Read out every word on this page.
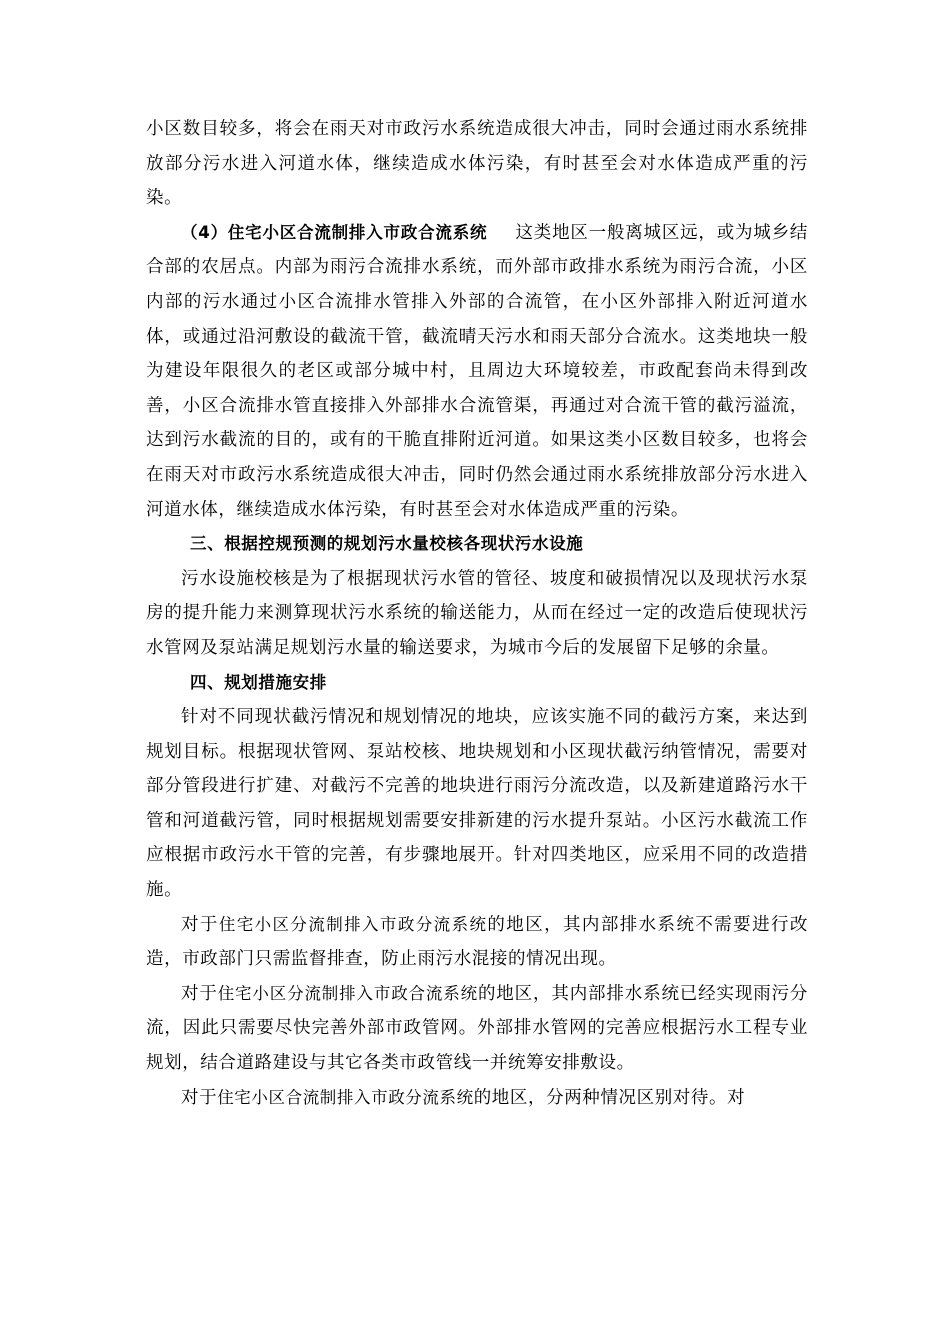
小区数目较多，将会在雨天对市政污水系统造成很大冲击，同时会通过雨水系统排放部分污水进入河道水体，继续造成水体污染，有时甚至会对水体造成严重的污染。

（4）住宅小区合流制排入市政合流系统 这类地区一般离城区远，或为城乡结合部的农居点。内部为雨污合流排水系统，而外部市政排水系统为雨污合流，小区内部的污水通过小区合流排水管排入外部的合流管，在小区外部排入附近河道水体，或通过沿河敷设的截流干管，截流晴天污水和雨天部分合流水。这类地块一般为建设年限很久的老区或部分城中村，且周边大环境较差，市政配套尚未得到改善，小区合流排水管直接排入外部排水合流管渠，再通过对合流干管的截污溢流，达到污水截流的目的，或有的干脆直排附近河道。如果这类小区数目较多，也将会在雨天对市政污水系统造成很大冲击，同时仍然会通过雨水系统排放部分污水进入河道水体，继续造成水体污染，有时甚至会对水体造成严重的污染。

三、根据控规预测的规划污水量校核各现状污水设施

污水设施校核是为了根据现状污水管的管径、坡度和破损情况以及现状污水泵房的提升能力来测算现状污水系统的输送能力，从而在经过一定的改造后使现状污水管网及泵站满足规划污水量的输送要求，为城市今后的发展留下足够的余量。

四、规划措施安排

针对不同现状截污情况和规划情况的地块，应该实施不同的截污方案，来达到规划目标。根据现状管网、泵站校核、地块规划和小区现状截污纳管情况，需要对部分管段进行扩建、对截污不完善的地块进行雨污分流改造，以及新建道路污水干管和河道截污管，同时根据规划需要安排新建的污水提升泵站。小区污水截流工作应根据市政污水干管的完善，有步骤地展开。针对四类地区，应采用不同的改造措施。

对于住宅小区分流制排入市政分流系统的地区，其内部排水系统不需要进行改造，市政部门只需监督排查，防止雨污水混接的情况出现。

对于住宅小区分流制排入市政合流系统的地区，其内部排水系统已经实现雨污分流，因此只需要尽快完善外部市政管网。外部排水管网的完善应根据污水工程专业规划，结合道路建设与其它各类市政管线一并统筹安排敷设。

对于住宅小区合流制排入市政分流系统的地区，分两种情况区别对待。对
